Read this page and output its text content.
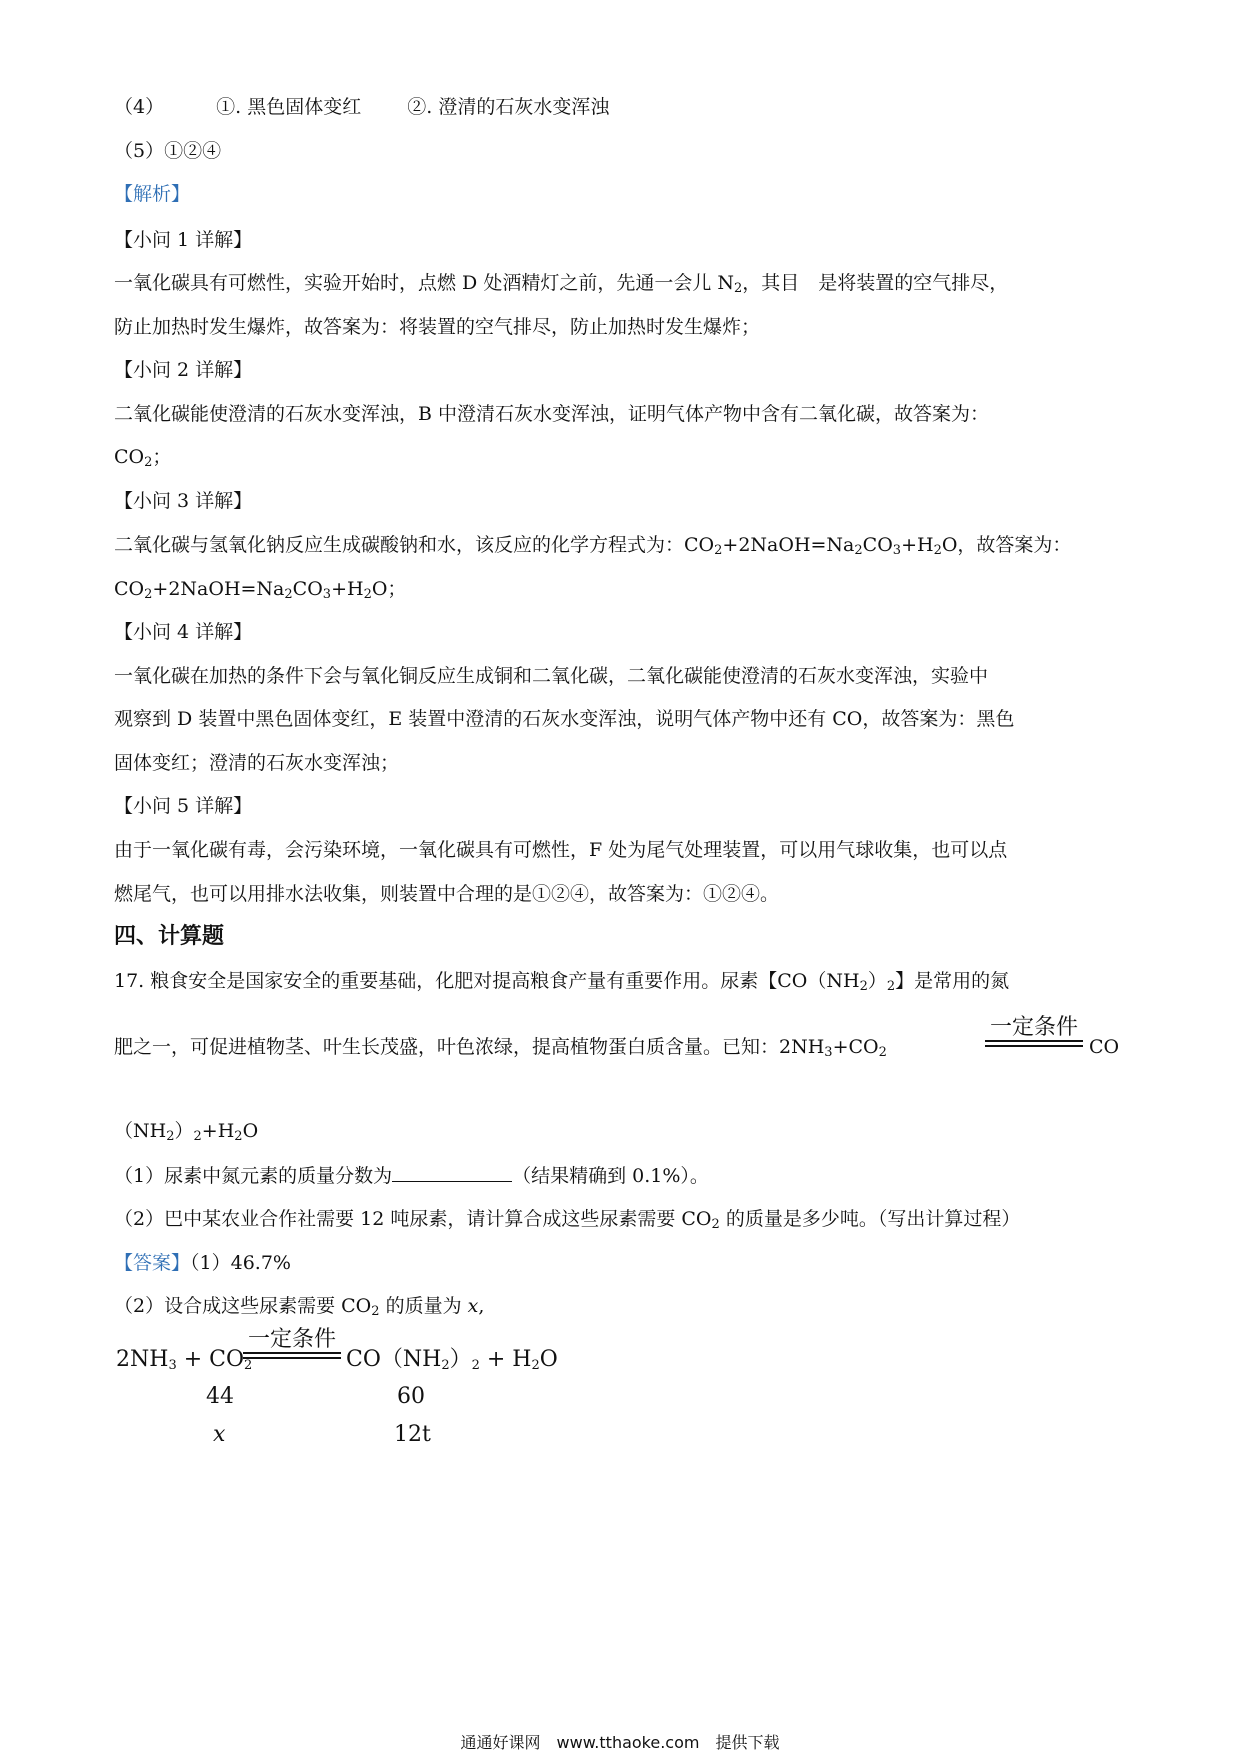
（4）	①. 黑色固体变红 ②. 澄清的石灰水变浑浊
（5）①②④
【解析】
【小问 1 详解】
一氧化碳具有可燃性，实验开始时，点燃 D 处酒精灯之前，先通一会儿 $N_2$，其目　是将装置的空气排尽，
防止加热时发生爆炸，故答案为：将装置的空气排尽，防止加热时发生爆炸；
【小问 2 详解】
二氧化碳能使澄清的石灰水变浑浊，B 中澄清石灰水变浑浊，证明气体产物中含有二氧化碳，故答案为：
$CO_2$；
【小问 3 详解】
二氧化碳与氢氧化钠反应生成碳酸钠和水，该反应的化学方程式为：$CO_2+2NaOH=Na_2CO_3+H_2O$，故答案为：
$CO_2+2NaOH=Na_2CO_3+H_2O$；
【小问 4 详解】
一氧化碳在加热的条件下会与氧化铜反应生成铜和二氧化碳，二氧化碳能使澄清的石灰水变浑浊，实验中
观察到 D 装置中黑色固体变红，E 装置中澄清的石灰水变浑浊，说明气体产物中还有 CO，故答案为：黑色
固体变红；澄清的石灰水变浑浊；
【小问 5 详解】
由于一氧化碳有毒，会污染环境，一氧化碳具有可燃性，F 处为尾气处理装置，可以用气球收集，也可以点
燃尾气，也可以用排水法收集，则装置中合理的是①②④，故答案为：①②④。
四、计算题
17. 粮食安全是国家安全的重要基础，化肥对提高粮食产量有重要作用。尿素【$CO(NH_2)_2$】是常用的氮
肥之一，可促进植物茎、叶生长茂盛，叶色浓绿，提高植物蛋白质含量。已知：$2NH_3+CO_2$
一定条件
CO
$(NH_2)_2+H_2O$
（1）尿素中氮元素的质量分数为	（结果精确到 0.1%）。
（2）巴中某农业合作社需要 12 吨尿素，请计算合成这些尿素需要 $CO_2$ 的质量是多少吨。（写出计算过程）
【答案】（1）46.7%
（2）设合成这些尿素需要 $CO_2$ 的质量为 x,
$2NH_3 + CO_2$
一定条件
$CO(NH_2)_2 + H_2O$
44	60
x	12t
通通好课网　www.tthaoke.com　提供下载
